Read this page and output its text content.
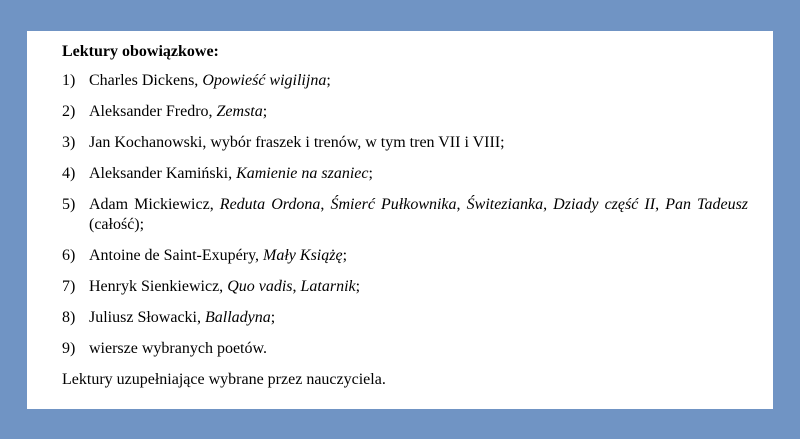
Lektury obowiązkowe:
1) Charles Dickens, Opowieść wigilijna;
2) Aleksander Fredro, Zemsta;
3) Jan Kochanowski, wybór fraszek i trenów, w tym tren VII i VIII;
4) Aleksander Kamiński, Kamienie na szaniec;
5) Adam Mickiewicz, Reduta Ordona, Śmierć Pułkownika, Świtezianka, Dziady część II, Pan Tadeusz (całość);
6) Antoine de Saint-Exupéry, Mały Książę;
7) Henryk Sienkiewicz, Quo vadis, Latarnik;
8) Juliusz Słowacki, Balladyna;
9) wiersze wybranych poetów.
Lektury uzupełniające wybrane przez nauczyciela.
